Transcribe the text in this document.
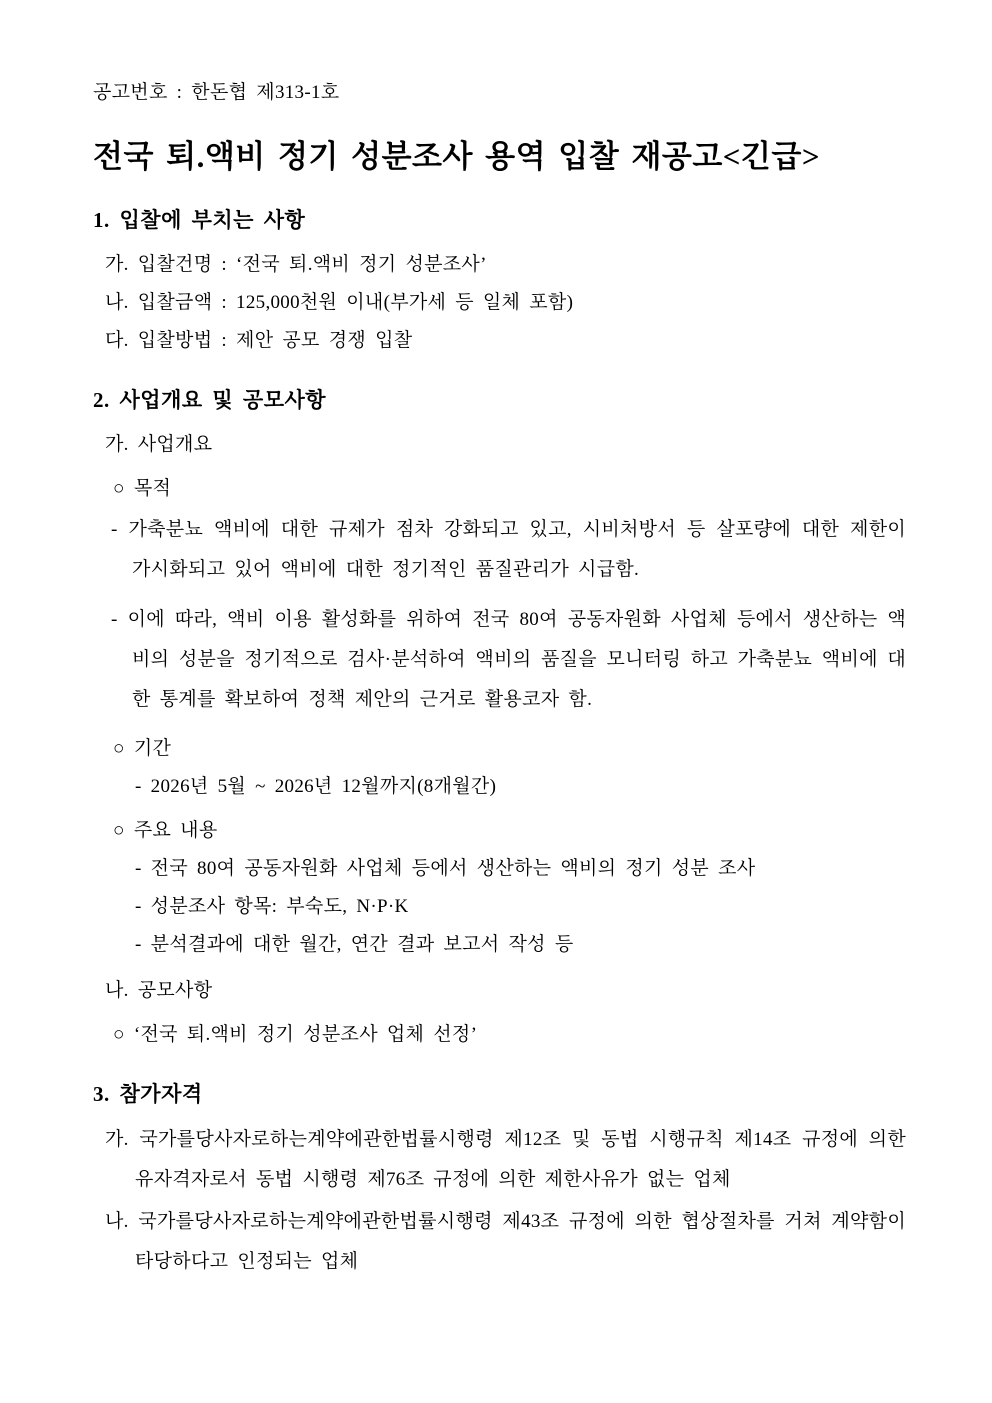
공고번호 : 한돈협 제313-1호

전국 퇴.액비 정기 성분조사 용역 입찰 재공고<긴급>
1. 입찰에 부치는 사항

가. 입찰건명 : ‘전국 퇴.액비 정기 성분조사’

나. 입찰금액 : 125,000천원 이내(부가세 등 일체 포함)

다. 입찰방법 : 제안 공모 경쟁 입찰

2. 사업개요 및 공모사항

가. 사업개요

○ 목적

- 가축분뇨 액비에 대한 규제가 점차 강화되고 있고, 시비처방서 등 살포량에 대한 제한이 가시화되고 있어 액비에 대한 정기적인 품질관리가 시급함.

- 이에 따라, 액비 이용 활성화를 위하여 전국 80여 공동자원화 사업체 등에서 생산하는 액비의 성분을 정기적으로 검사·분석하여 액비의 품질을 모니터링 하고 가축분뇨 액비에 대한 통계를 확보하여 정책 제안의 근거로 활용코자 함.

○ 기간

- 2026년 5월 ~ 2026년 12월까지(8개월간)

○ 주요 내용

- 전국 80여 공동자원화 사업체 등에서 생산하는 액비의 정기 성분 조사

- 성분조사 항목: 부숙도, N·P·K

- 분석결과에 대한 월간, 연간 결과 보고서 작성 등

나. 공모사항

○ ‘전국 퇴.액비 정기 성분조사 업체 선정’

3. 참가자격

가. 국가를당사자로하는계약에관한법률시행령 제12조 및 동법 시행규칙 제14조 규정에 의한 유자격자로서 동법 시행령 제76조 규정에 의한 제한사유가 없는 업체

나. 국가를당사자로하는계약에관한법률시행령 제43조 규정에 의한 협상절차를 거쳐 계약함이 타당하다고 인정되는 업체
